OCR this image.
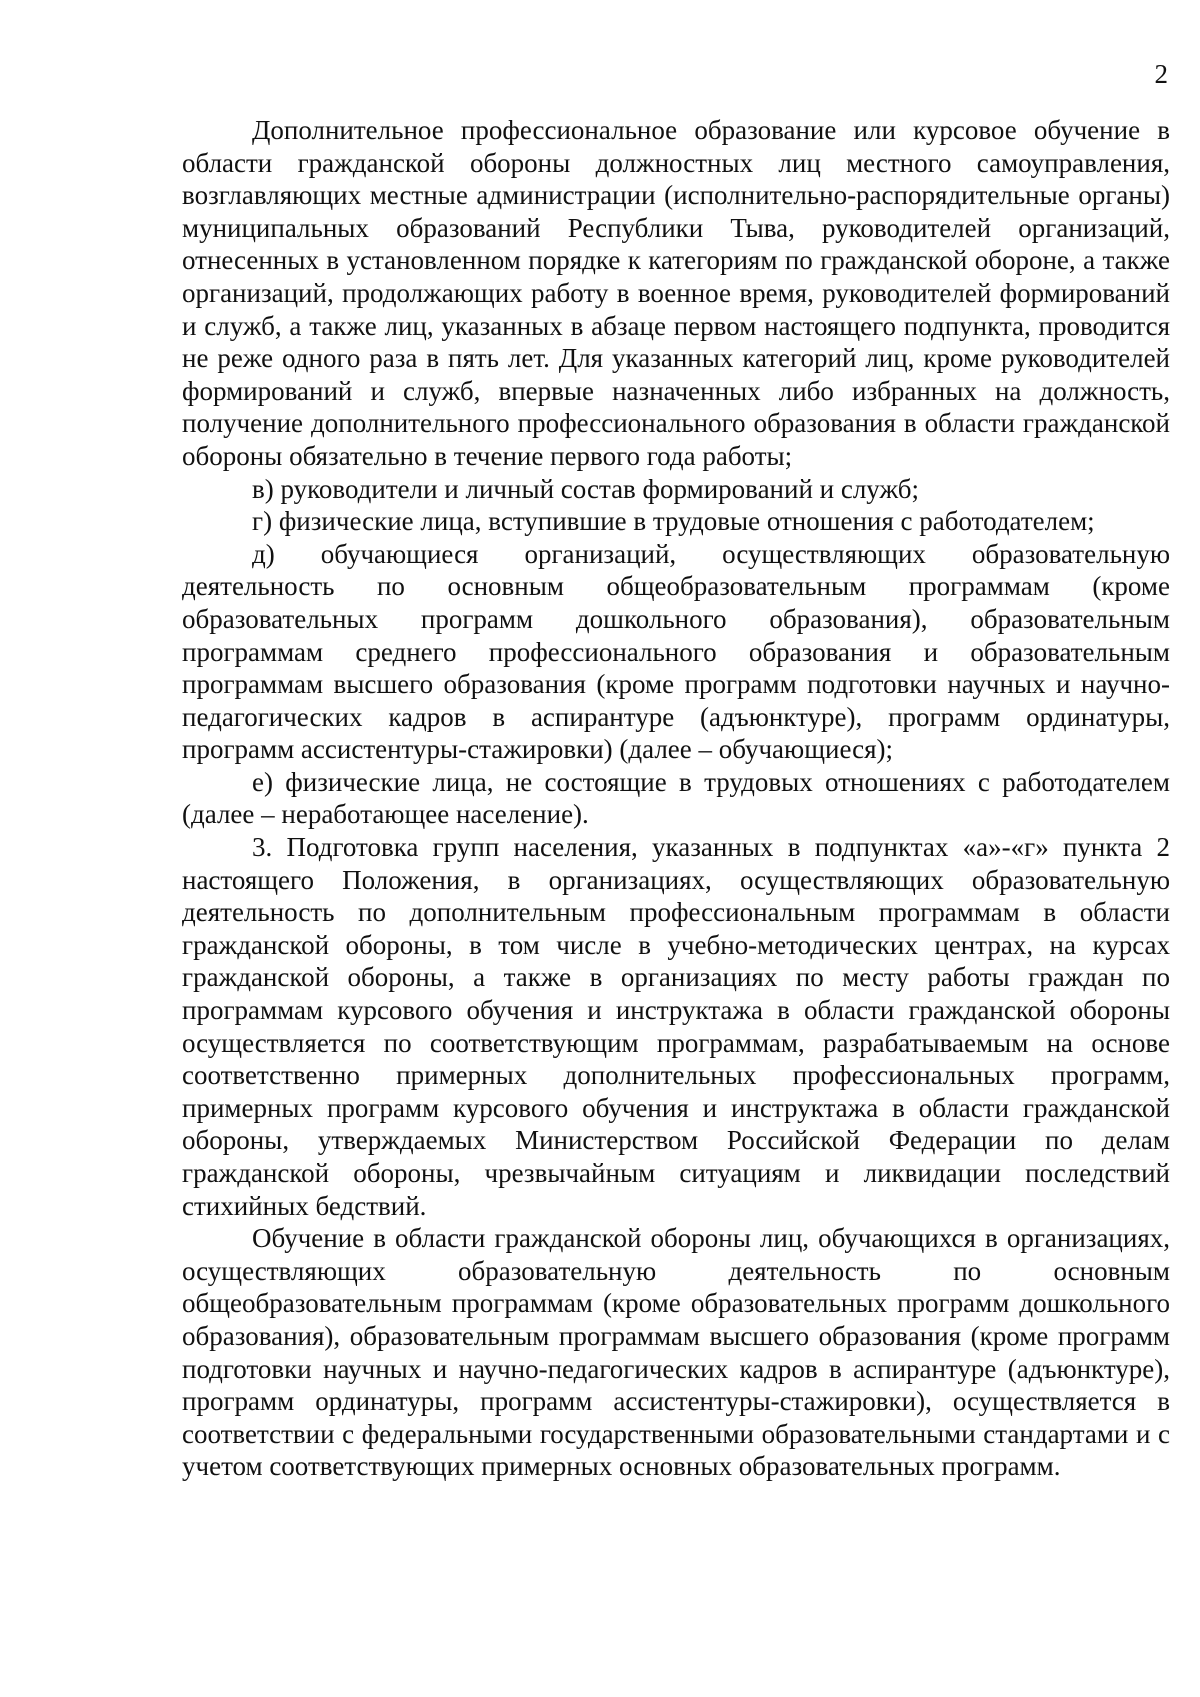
2

Дополнительное профессиональное образование или курсовое обучение в области гражданской обороны должностных лиц местного самоуправления, возглавляющих местные администрации (исполнительно-распорядительные органы) муниципальных образований Республики Тыва, руководителей организаций, отнесенных в установленном порядке к категориям по гражданской обороне, а также организаций, продолжающих работу в военное время, руководителей формирований и служб, а также лиц, указанных в абзаце первом настоящего подпункта, проводится не реже одного раза в пять лет. Для указанных категорий лиц, кроме руководителей формирований и служб, впервые назначенных либо избранных на должность, получение дополнительного профессионального образования в области гражданской обороны обязательно в течение первого года работы;

в) руководители и личный состав формирований и служб;

г) физические лица, вступившие в трудовые отношения с работодателем;

д) обучающиеся организаций, осуществляющих образовательную деятельность по основным общеобразовательным программам (кроме образовательных программ дошкольного образования), образовательным программам среднего профессионального образования и образовательным программам высшего образования (кроме программ подготовки научных и научно-педагогических кадров в аспирантуре (адъюнктуре), программ ординатуры, программ ассистентуры-стажировки) (далее – обучающиеся);

е) физические лица, не состоящие в трудовых отношениях с работодателем (далее – неработающее население).

3. Подготовка групп населения, указанных в подпунктах «а»-«г» пункта 2 настоящего Положения, в организациях, осуществляющих образовательную деятельность по дополнительным профессиональным программам в области гражданской обороны, в том числе в учебно-методических центрах, на курсах гражданской обороны, а также в организациях по месту работы граждан по программам курсового обучения и инструктажа в области гражданской обороны осуществляется по соответствующим программам, разрабатываемым на основе соответственно примерных дополнительных профессиональных программ, примерных программ курсового обучения и инструктажа в области гражданской обороны, утверждаемых Министерством Российской Федерации по делам гражданской обороны, чрезвычайным ситуациям и ликвидации последствий стихийных бедствий.

Обучение в области гражданской обороны лиц, обучающихся в организациях, осуществляющих образовательную деятельность по основным общеобразовательным программам (кроме образовательных программ дошкольного образования), образовательным программам высшего образования (кроме программ подготовки научных и научно-педагогических кадров в аспирантуре (адъюнктуре), программ ординатуры, программ ассистентуры-стажировки), осуществляется в соответствии с федеральными государственными образовательными стандартами и с учетом соответствующих примерных основных образовательных программ.
